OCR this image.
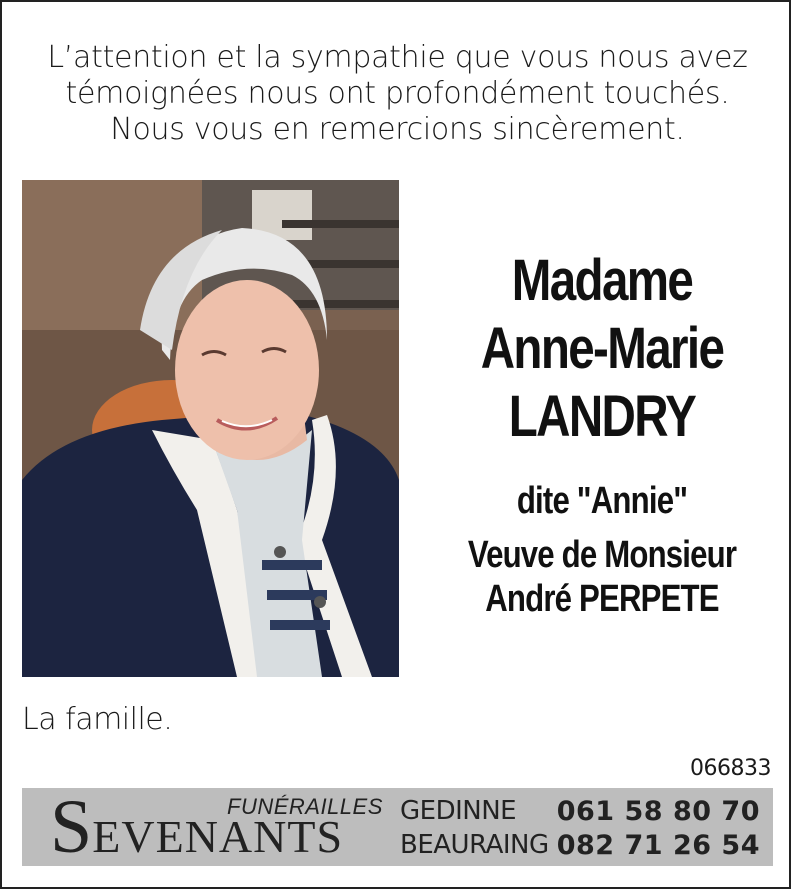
L’attention et la sympathie que vous nous avez
témoignées nous ont profondément touchés.
Nous vous en remercions sincèrement.
Madame
Anne-Marie
LANDRY
dite "Annie"
Veuve de Monsieur
André PERPETE
La famille.
066833
SEVENANTS
FUNÉRAILLES GEDINNE 061 58 80 70
BEAURAING 082 71 26 54
